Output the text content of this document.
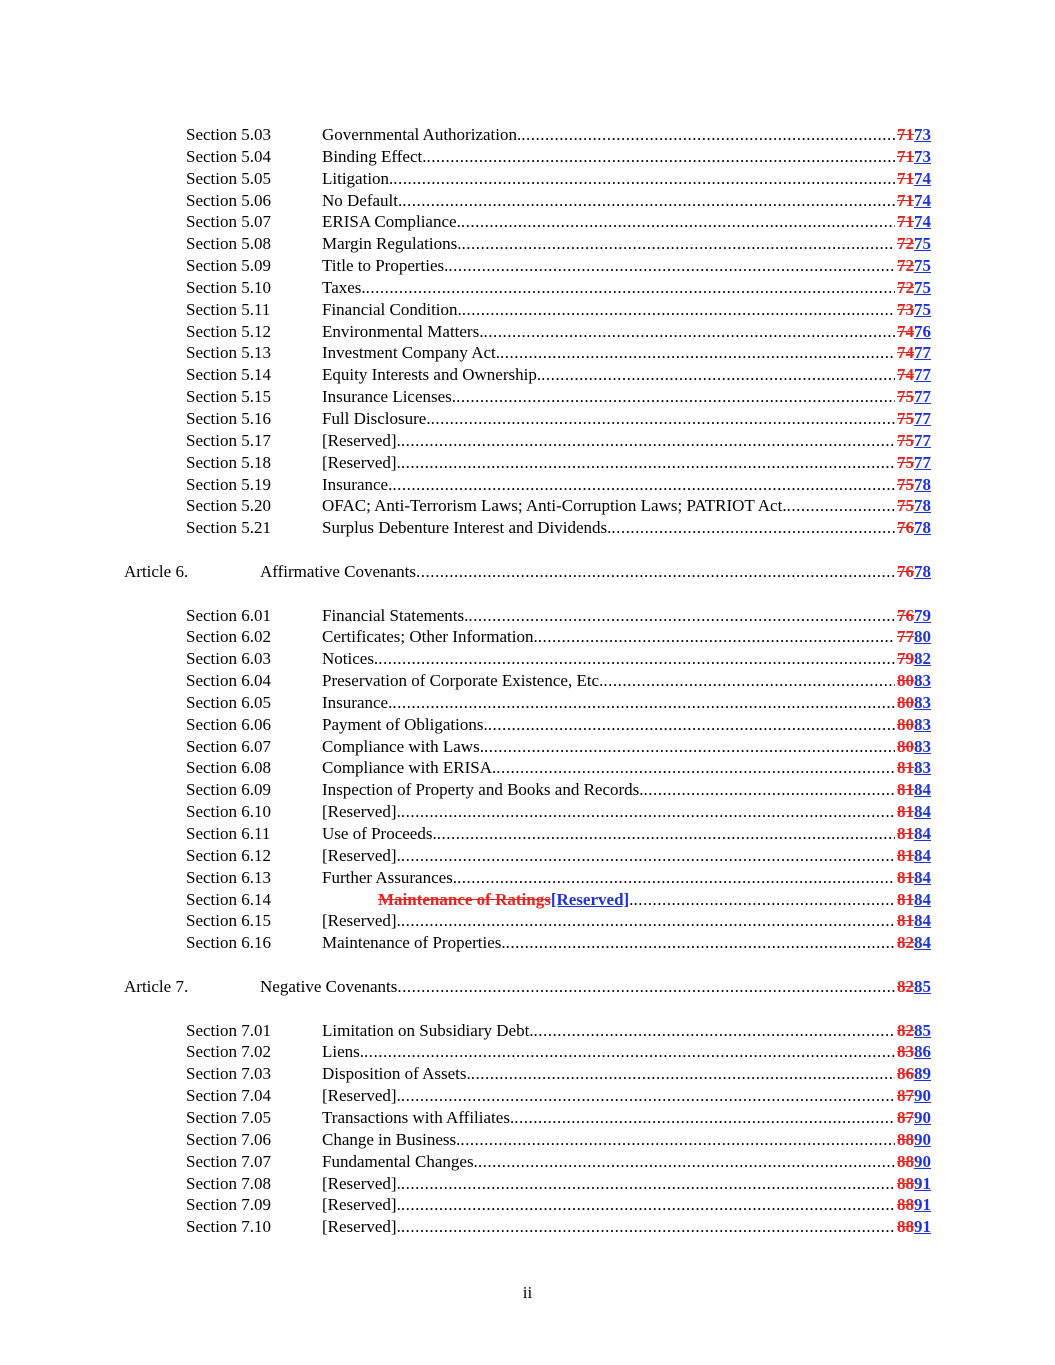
Section 5.03	Governmental Authorization. .....	7173
Section 5.04	Binding Effect. .....	7173
Section 5.05	Litigation. .....	7174
Section 5.06	No Default. .....	7174
Section 5.07	ERISA Compliance. .....	7174
Section 5.08	Margin Regulations. .....	7275
Section 5.09	Title to Properties. .....	7275
Section 5.10	Taxes. .....	7275
Section 5.11	Financial Condition. .....	7375
Section 5.12	Environmental Matters. .....	7476
Section 5.13	Investment Company Act. .....	7477
Section 5.14	Equity Interests and Ownership. .....	7477
Section 5.15	Insurance Licenses. .....	7577
Section 5.16	Full Disclosure. .....	7577
Section 5.17	[Reserved]. .....	7577
Section 5.18	[Reserved]. .....	7577
Section 5.19	Insurance. .....	7578
Section 5.20	OFAC; Anti-Terrorism Laws; Anti-Corruption Laws; PATRIOT Act. .....	7578
Section 5.21	Surplus Debenture Interest and Dividends. .....	7678
Article 6.	Affirmative Covenants .....	7678
Section 6.01	Financial Statements. .....	7679
Section 6.02	Certificates; Other Information. .....	7780
Section 6.03	Notices. .....	7982
Section 6.04	Preservation of Corporate Existence, Etc. .....	8083
Section 6.05	Insurance. .....	8083
Section 6.06	Payment of Obligations. .....	8083
Section 6.07	Compliance with Laws. .....	8083
Section 6.08	Compliance with ERISA. .....	8183
Section 6.09	Inspection of Property and Books and Records. .....	8184
Section 6.10	[Reserved]. .....	8184
Section 6.11	Use of Proceeds. .....	8184
Section 6.12	[Reserved]. .....	8184
Section 6.13	Further Assurances. .....	8184
Section 6.14	Maintenance of Ratings[Reserved]. .....	8184
Section 6.15	[Reserved]. .....	8184
Section 6.16	Maintenance of Properties. .....	8284
Article 7.	Negative Covenants .....	8285
Section 7.01	Limitation on Subsidiary Debt. .....	8285
Section 7.02	Liens. .....	8386
Section 7.03	Disposition of Assets. .....	8689
Section 7.04	[Reserved]. .....	8790
Section 7.05	Transactions with Affiliates. .....	8790
Section 7.06	Change in Business. .....	8890
Section 7.07	Fundamental Changes. .....	8890
Section 7.08	[Reserved]. .....	8891
Section 7.09	[Reserved]. .....	8891
Section 7.10	[Reserved]. .....	8891
ii
